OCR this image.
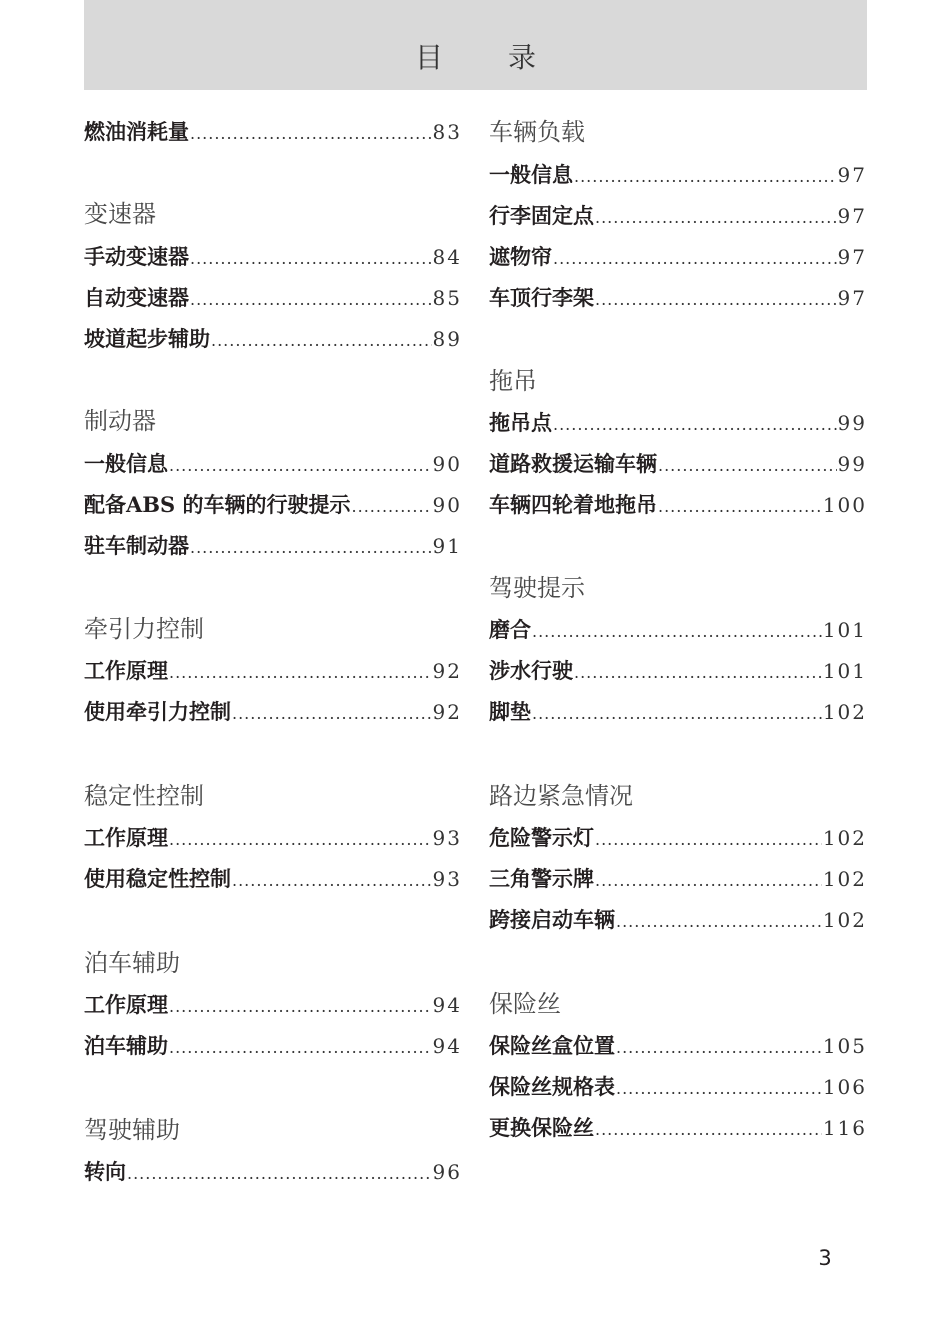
目 录
燃油消耗量 .....	83
变速器
手动变速器 .....	84
自动变速器 .....	85
坡道起步辅助 .....	89
制动器
一般信息 .....	90
配备ABS 的车辆的行驶提示 .....	90
驻车制动器 .....	91
牵引力控制
工作原理 .....	92
使用牵引力控制 .....	92
稳定性控制
工作原理 .....	93
使用稳定性控制 .....	93
泊车辅助
工作原理 .....	94
泊车辅助 .....	94
驾驶辅助
转向 .....	96
车辆负载
一般信息 .....	97
行李固定点 .....	97
遮物帘 .....	97
车顶行李架 .....	97
拖吊
拖吊点 .....	99
道路救援运输车辆 .....	99
车辆四轮着地拖吊 .....	100
驾驶提示
磨合 .....	101
涉水行驶 .....	101
脚垫 .....	102
路边紧急情况
危险警示灯 .....	102
三角警示牌 .....	102
跨接启动车辆 .....	102
保险丝
保险丝盒位置 .....	105
保险丝规格表 .....	106
更换保险丝 .....	116
3
